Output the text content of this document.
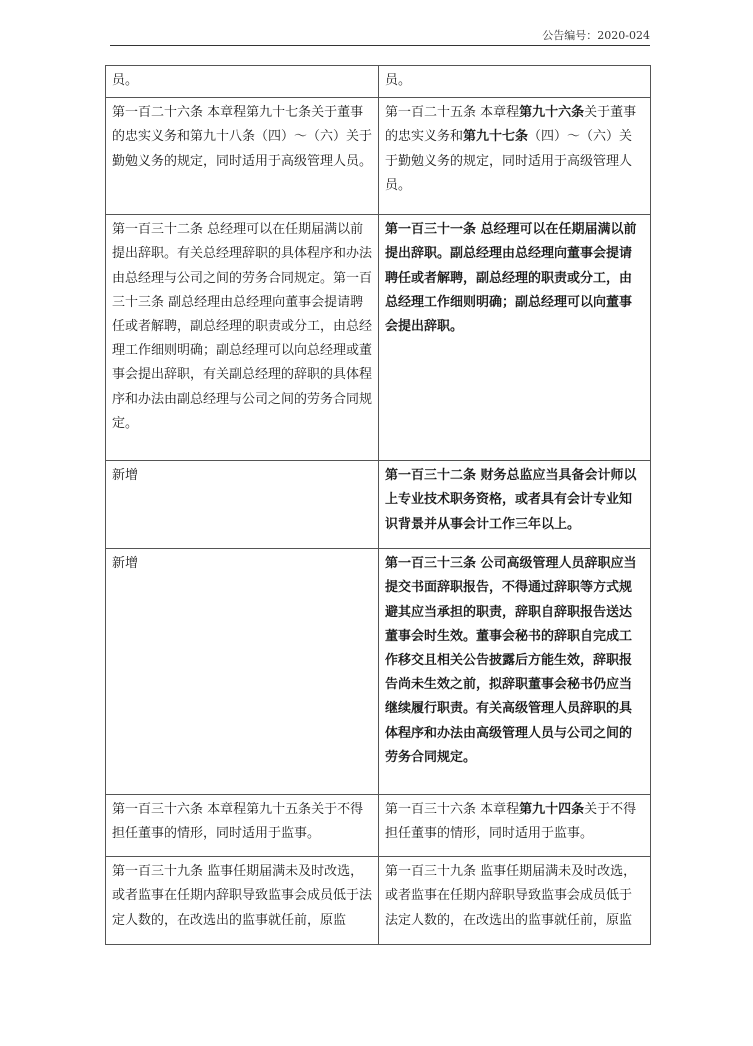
公告编号：2020-024
员。	员。
第一百二十六条 本章程第九十七条关于董事的忠实义务和第九十八条（四）～（六）关于勤勉义务的规定，同时适用于高级管理人员。	第一百二十五条 本章程第九十六条关于董事的忠实义务和第九十七条（四）～（六）关于勤勉义务的规定，同时适用于高级管理人员。
第一百三十二条 总经理可以在任期届满以前提出辞职。有关总经理辞职的具体程序和办法由总经理与公司之间的劳务合同规定。第一百三十三条 副总经理由总经理向董事会提请聘任或者解聘，副总经理的职责或分工，由总经理工作细则明确；副总经理可以向总经理或董事会提出辞职，有关副总经理的辞职的具体程序和办法由副总经理与公司之间的劳务合同规定。	第一百三十一条 总经理可以在任期届满以前提出辞职。副总经理由总经理向董事会提请聘任或者解聘，副总经理的职责或分工，由总经理工作细则明确；副总经理可以向董事会提出辞职。
新增	第一百三十二条 财务总监应当具备会计师以上专业技术职务资格，或者具有会计专业知识背景并从事会计工作三年以上。
新增	第一百三十三条 公司高级管理人员辞职应当提交书面辞职报告，不得通过辞职等方式规避其应当承担的职责，辞职自辞职报告送达董事会时生效。董事会秘书的辞职自完成工作移交且相关公告披露后方能生效，辞职报告尚未生效之前，拟辞职董事会秘书仍应当继续履行职责。有关高级管理人员辞职的具体程序和办法由高级管理人员与公司之间的劳务合同规定。
第一百三十六条 本章程第九十五条关于不得担任董事的情形，同时适用于监事。	第一百三十六条 本章程第九十四条关于不得担任董事的情形，同时适用于监事。
第一百三十九条 监事任期届满未及时改选，或者监事在任期内辞职导致监事会成员低于法定人数的，在改选出的监事就任前，原监	第一百三十九条 监事任期届满未及时改选，或者监事在任期内辞职导致监事会成员低于法定人数的，在改选出的监事就任前，原监
